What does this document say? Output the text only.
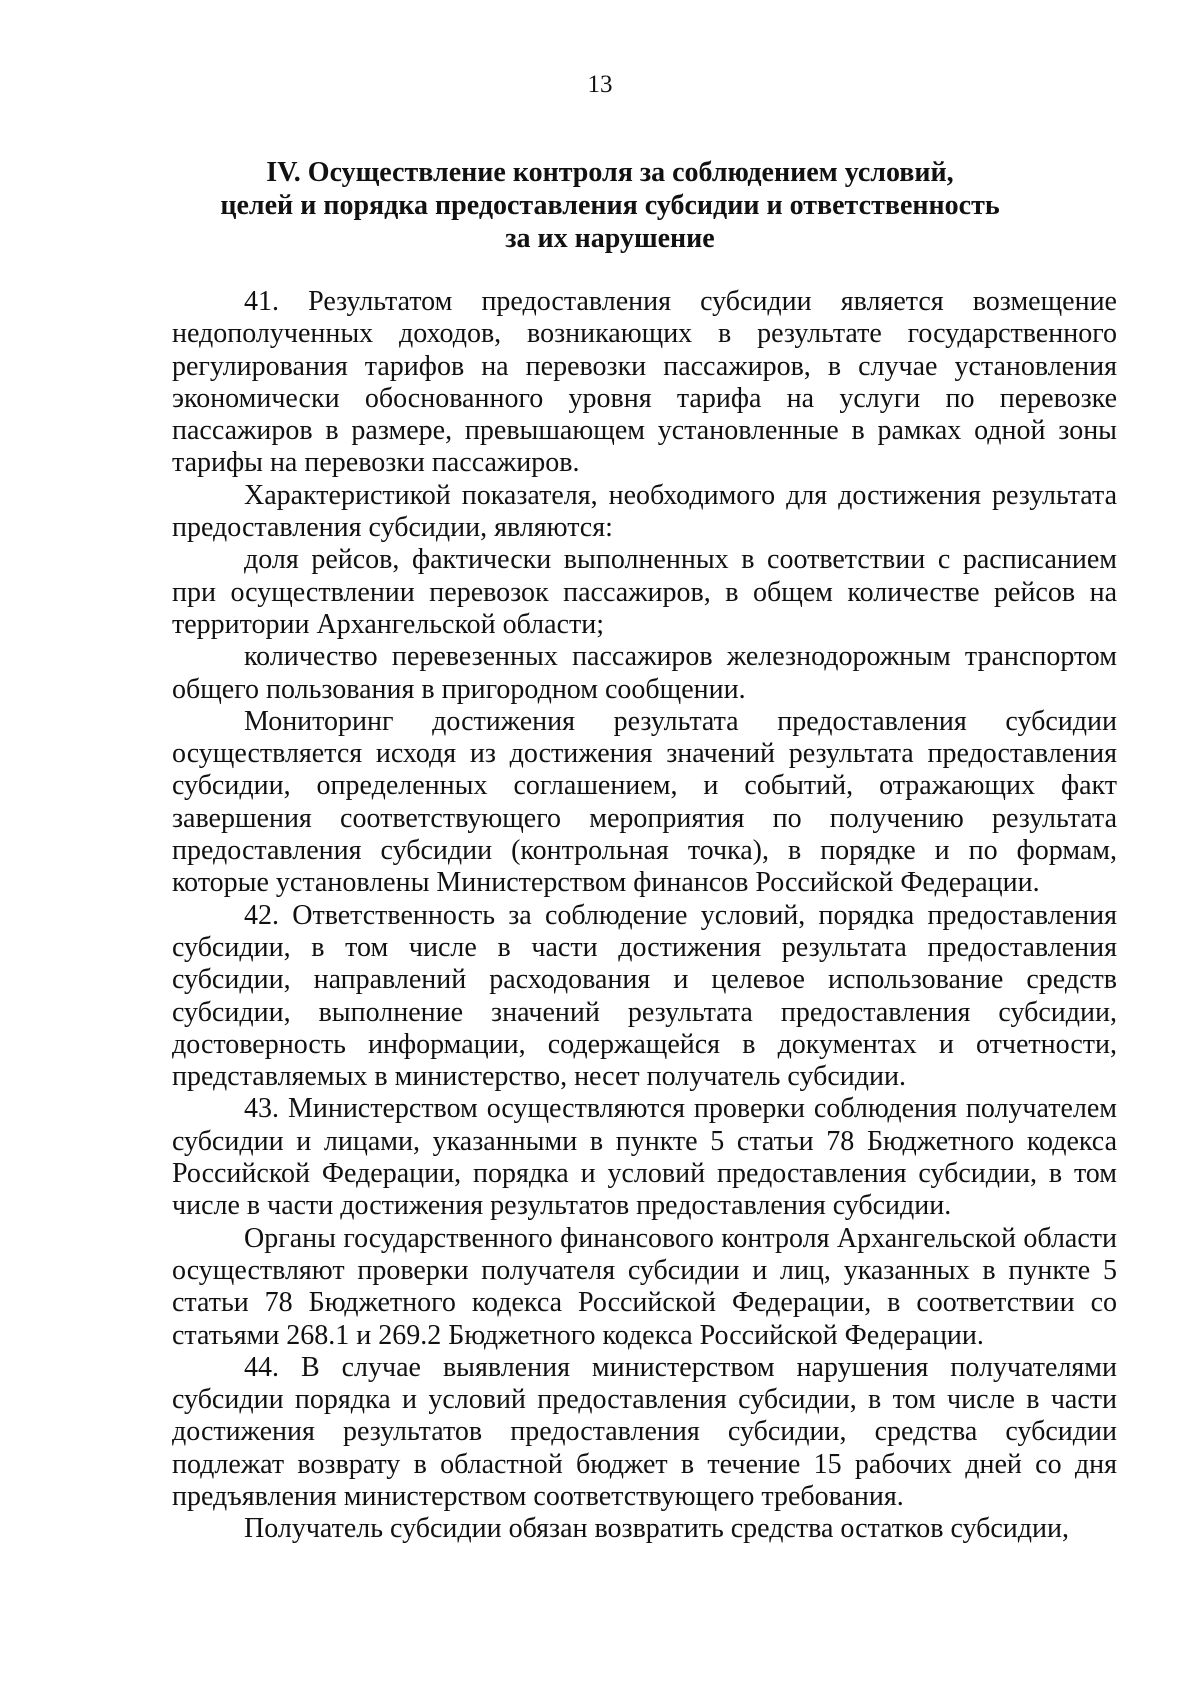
13
IV. Осуществление контроля за соблюдением условий,
целей и порядка предоставления субсидии и ответственность
за их нарушение

41. Результатом предоставления субсидии является возмещение недополученных доходов, возникающих в результате государственного регулирования тарифов на перевозки пассажиров, в случае установления экономически обоснованного уровня тарифа на услуги по перевозке пассажиров в размере, превышающем установленные в рамках одной зоны тарифы на перевозки пассажиров.

Характеристикой показателя, необходимого для достижения результата предоставления субсидии, являются:

доля рейсов, фактически выполненных в соответствии с расписанием при осуществлении перевозок пассажиров, в общем количестве рейсов на территории Архангельской области;

количество перевезенных пассажиров железнодорожным транспортом общего пользования в пригородном сообщении.

Мониторинг достижения результата предоставления субсидии осуществляется исходя из достижения значений результата предоставления субсидии, определенных соглашением, и событий, отражающих факт завершения соответствующего мероприятия по получению результата предоставления субсидии (контрольная точка), в порядке и по формам, которые установлены Министерством финансов Российской Федерации.

42. Ответственность за соблюдение условий, порядка предоставления субсидии, в том числе в части достижения результата предоставления субсидии, направлений расходования и целевое использование средств субсидии, выполнение значений результата предоставления субсидии, достоверность информации, содержащейся в документах и отчетности, представляемых в министерство, несет получатель субсидии.

43. Министерством осуществляются проверки соблюдения получателем субсидии и лицами, указанными в пункте 5 статьи 78 Бюджетного кодекса Российской Федерации, порядка и условий предоставления субсидии, в том числе в части достижения результатов предоставления субсидии.

Органы государственного финансового контроля Архангельской области осуществляют проверки получателя субсидии и лиц, указанных в пункте 5 статьи 78 Бюджетного кодекса Российской Федерации, в соответствии со статьями 268.1 и 269.2 Бюджетного кодекса Российской Федерации.

44. В случае выявления министерством нарушения получателями субсидии порядка и условий предоставления субсидии, в том числе в части достижения результатов предоставления субсидии, средства субсидии подлежат возврату в областной бюджет в течение 15 рабочих дней со дня предъявления министерством соответствующего требования.

Получатель субсидии обязан возвратить средства остатков субсидии,
